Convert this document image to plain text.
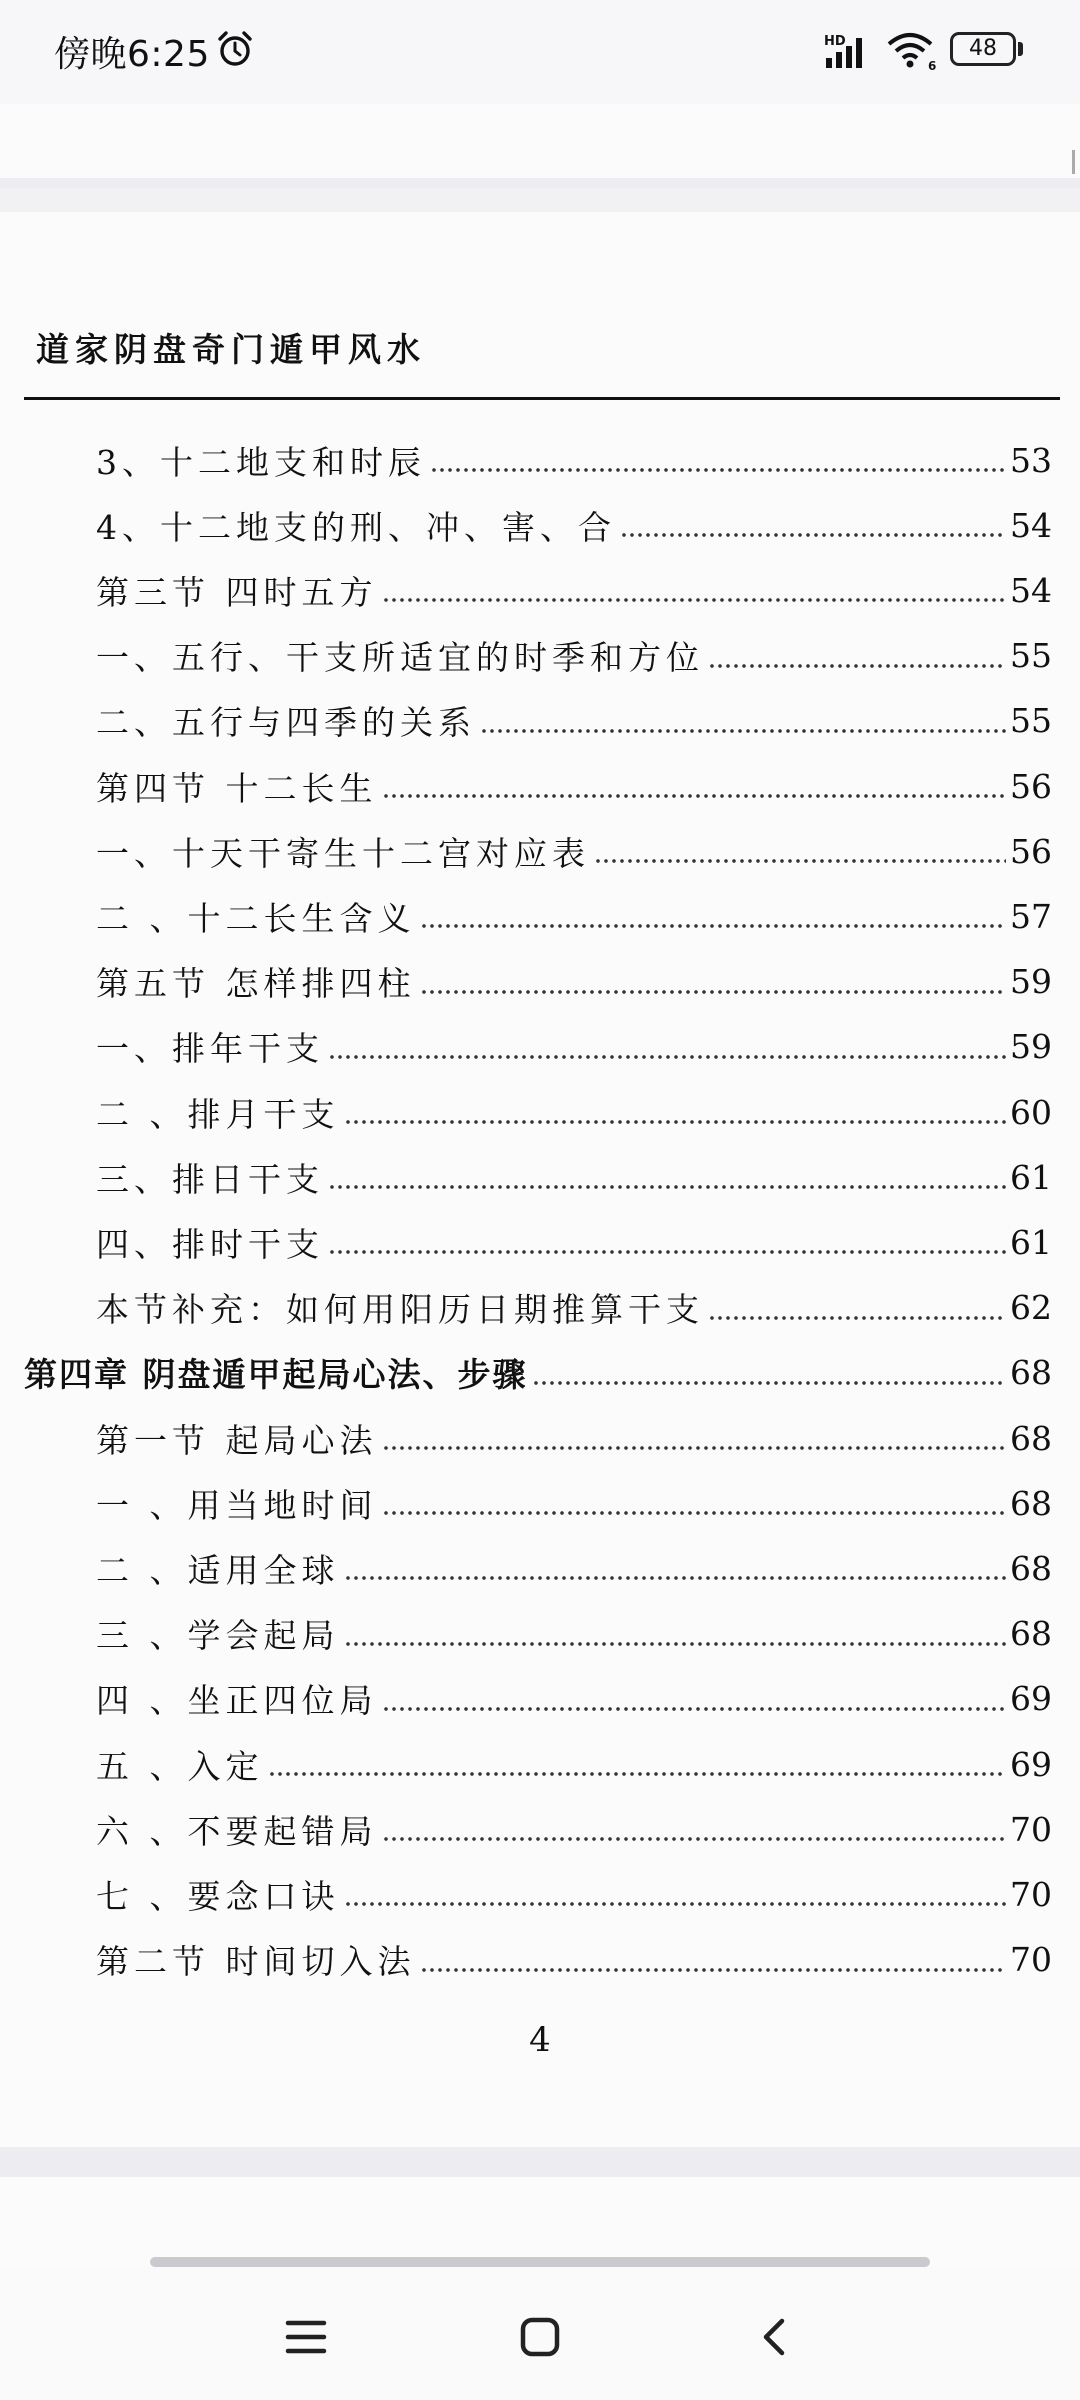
傍晚6:25	HD
6
48
道家阴盘奇门遁甲风水
3、十二地支和时辰	53
4、十二地支的刑、冲、害、合	54
第三节 四时五方	54
一、五行、干支所适宜的时季和方位	55
二、五行与四季的关系	55
第四节 十二长生	56
一、十天干寄生十二宫对应表	56
二 、十二长生含义	57
第五节 怎样排四柱	59
一、排年干支	59
二 、排月干支	60
三、排日干支	61
四、排时干支	61
本节补充：如何用阳历日期推算干支	62
第四章 阴盘遁甲起局心法、步骤	68
第一节 起局心法	68
一 、用当地时间	68
二 、适用全球	68
三 、学会起局	68
四 、坐正四位局	69
五 、入定	69
六 、不要起错局	70
七 、要念口诀	70
第二节 时间切入法	70
4
